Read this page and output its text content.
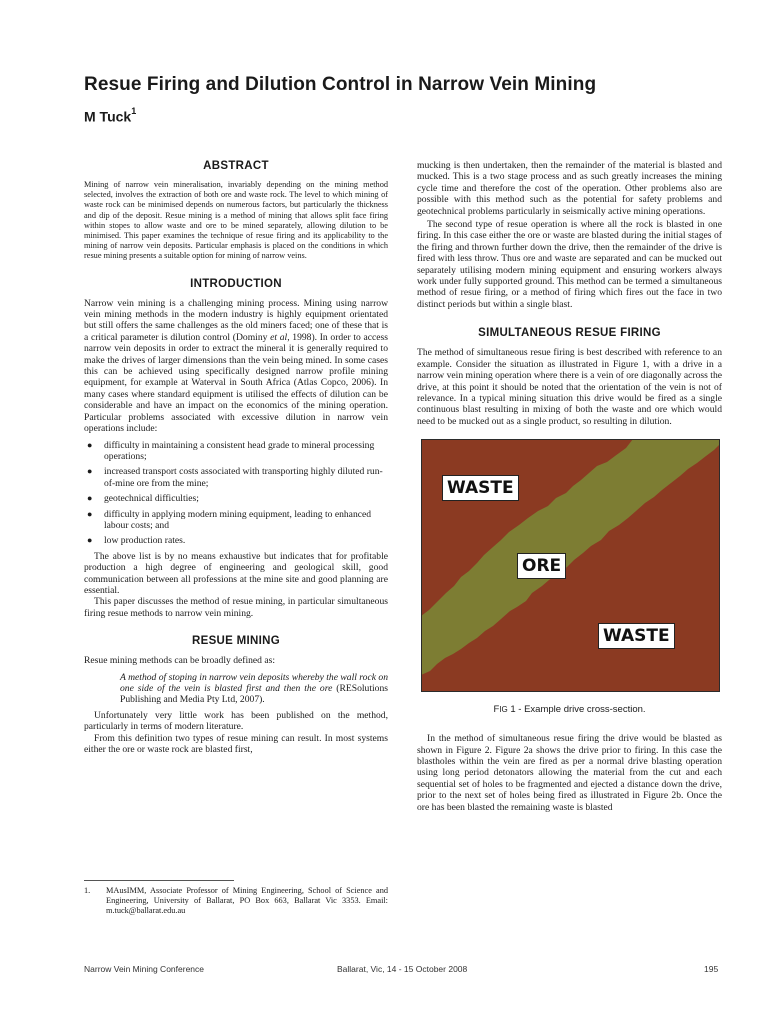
Resue Firing and Dilution Control in Narrow Vein Mining
M Tuck$^1$
ABSTRACT

Mining of narrow vein mineralisation, invariably depending on the mining method selected, involves the extraction of both ore and waste rock. The level to which mining of waste rock can be minimised depends on numerous factors, but particularly the thickness and dip of the deposit. Resue mining is a method of mining that allows split face firing within stopes to allow waste and ore to be mined separately, allowing dilution to be minimised. This paper examines the technique of resue firing and its applicability to the mining of narrow vein deposits. Particular emphasis is placed on the conditions in which resue mining presents a suitable option for mining of narrow veins.

INTRODUCTION

Narrow vein mining is a challenging mining process. Mining using narrow vein mining methods in the modern industry is highly equipment orientated but still offers the same challenges as the old miners faced; one of these that is a critical parameter is dilution control (Dominy et al, 1998). In order to access narrow vein deposits in order to extract the mineral it is generally required to make the drives of larger dimensions than the vein being mined. In some cases this can be achieved using specifically designed narrow profile mining equipment, for example at Waterval in South Africa (Atlas Copco, 2006). In many cases where standard equipment is utilised the effects of dilution can be considerable and have an impact on the economics of the mining operation. Particular problems associated with excessive dilution in narrow vein operations include:

● difficulty in maintaining a consistent head grade to mineral processing operations;
● increased transport costs associated with transporting highly diluted run-of-mine ore from the mine;
● geotechnical difficulties;
● difficulty in applying modern mining equipment, leading to enhanced labour costs; and
● low production rates.

The above list is by no means exhaustive but indicates that for profitable production a high degree of engineering and geological skill, good communication between all professions at the mine site and good planning are essential.

This paper discusses the method of resue mining, in particular simultaneous firing resue methods to narrow vein mining.

RESUE MINING

Resue mining methods can be broadly defined as:

A method of stoping in narrow vein deposits whereby the wall rock on one side of the vein is blasted first and then the ore (RESolutions Publishing and Media Pty Ltd, 2007).

Unfortunately very little work has been published on the method, particularly in terms of modern literature.

From this definition two types of resue mining can result. In most systems either the ore or waste rock are blasted first,

1. MAusIMM, Associate Professor of Mining Engineering, School of Science and Engineering, University of Ballarat, PO Box 663, Ballarat Vic 3353. Email: m.tuck@ballarat.edu.au

mucking is then undertaken, then the remainder of the material is blasted and mucked. This is a two stage process and as such greatly increases the mining cycle time and therefore the cost of the operation. Other problems also are possible with this method such as the potential for safety problems and geotechnical problems particularly in seismically active mining operations.

The second type of resue operation is where all the rock is blasted in one firing. In this case either the ore or waste are blasted during the initial stages of the firing and thrown further down the drive, then the remainder of the drive is fired with less throw. Thus ore and waste are separated and can be mucked out separately utilising modern mining equipment and ensuring workers always work under fully supported ground. This method can be termed a simultaneous method of resue firing, or a method of firing which fires out the face in two distinct periods but within a single blast.

SIMULTANEOUS RESUE FIRING

The method of simultaneous resue firing is best described with reference to an example. Consider the situation as illustrated in Figure 1, with a drive in a narrow vein mining operation where there is a vein of ore diagonally across the drive, at this point it should be noted that the orientation of the vein is not of relevance. In a typical mining situation this drive would be fired as a single continuous blast resulting in mixing of both the waste and ore which would need to be mucked out as a single product, so resulting in dilution.

WASTE
ORE
WASTE
FIG 1 - Example drive cross-section.

In the method of simultaneous resue firing the drive would be blasted as shown in Figure 2. Figure 2a shows the drive prior to firing. In this case the blastholes within the vein are fired as per a normal drive blasting operation using long period detonators allowing the material from the cut and each sequential set of holes to be fragmented and ejected a distance down the drive, prior to the next set of holes being fired as illustrated in Figure 2b. Once the ore has been blasted the remaining waste is blasted

Narrow Vein Mining Conference	Ballarat, Vic, 14 - 15 October 2008	195
